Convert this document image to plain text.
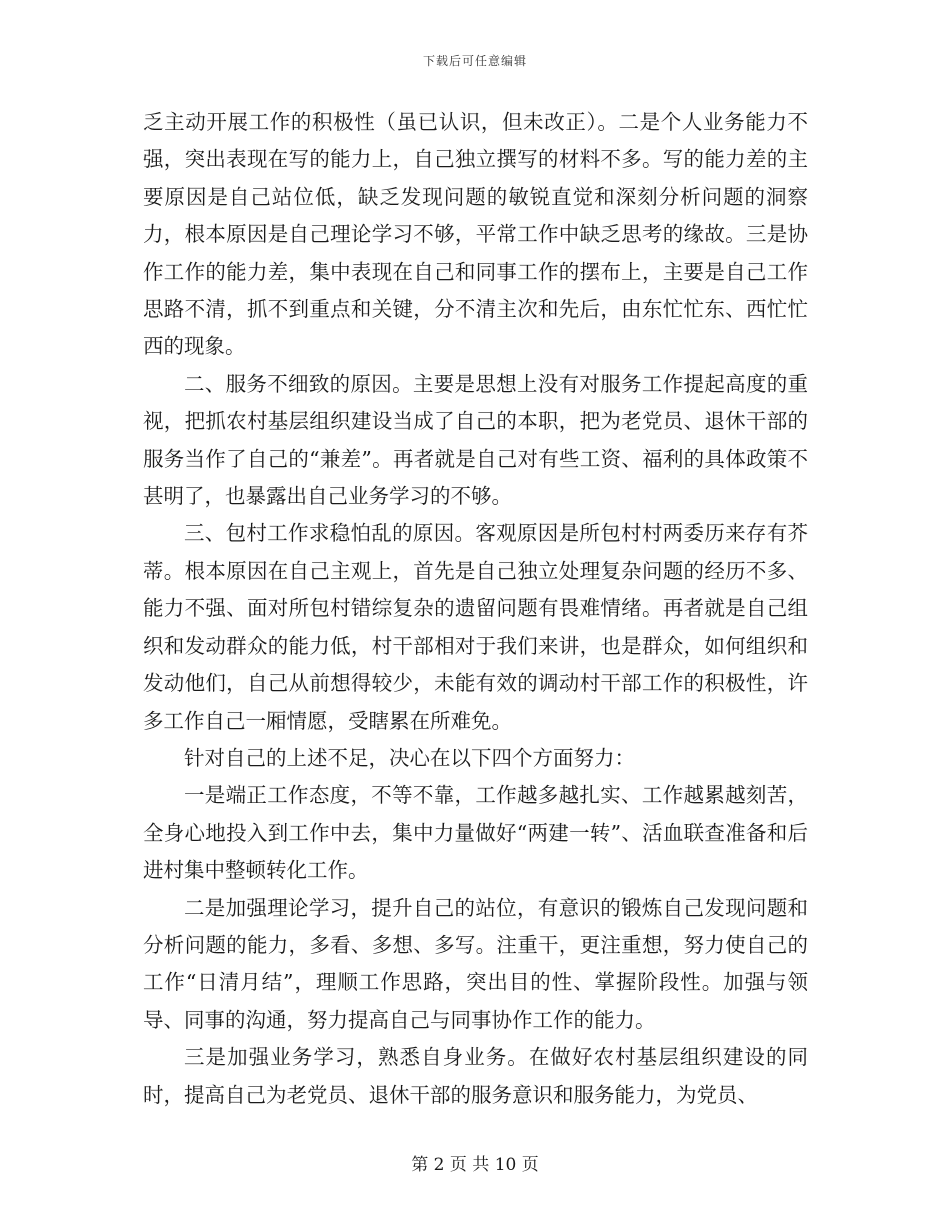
下载后可任意编辑

乏主动开展工作的积极性（虽已认识，但未改正）。二是个人业务能力不强，突出表现在写的能力上，自己独立撰写的材料不多。写的能力差的主要原因是自己站位低，缺乏发现问题的敏锐直觉和深刻分析问题的洞察力，根本原因是自己理论学习不够，平常工作中缺乏思考的缘故。三是协作工作的能力差，集中表现在自己和同事工作的摆布上，主要是自己工作思路不清，抓不到重点和关键，分不清主次和先后，由东忙忙东、西忙忙西的现象。

二、服务不细致的原因。主要是思想上没有对服务工作提起高度的重视，把抓农村基层组织建设当成了自己的本职，把为老党员、退休干部的服务当作了自己的“兼差”。再者就是自己对有些工资、福利的具体政策不甚明了，也暴露出自己业务学习的不够。

三、包村工作求稳怕乱的原因。客观原因是所包村村两委历来存有芥蒂。根本原因在自己主观上，首先是自己独立处理复杂问题的经历不多、能力不强、面对所包村错综复杂的遗留问题有畏难情绪。再者就是自己组织和发动群众的能力低，村干部相对于我们来讲，也是群众，如何组织和发动他们，自己从前想得较少，未能有效的调动村干部工作的积极性，许多工作自己一厢情愿，受瞎累在所难免。

针对自己的上述不足，决心在以下四个方面努力：

一是端正工作态度，不等不靠，工作越多越扎实、工作越累越刻苦，全身心地投入到工作中去，集中力量做好“两建一转”、活血联查准备和后进村集中整顿转化工作。

二是加强理论学习，提升自己的站位，有意识的锻炼自己发现问题和分析问题的能力，多看、多想、多写。注重干，更注重想，努力使自己的工作“日清月结”，理顺工作思路，突出目的性、掌握阶段性。加强与领导、同事的沟通，努力提高自己与同事协作工作的能力。

三是加强业务学习，熟悉自身业务。在做好农村基层组织建设的同时，提高自己为老党员、退休干部的服务意识和服务能力，为党员、

第 2 页 共 10 页
